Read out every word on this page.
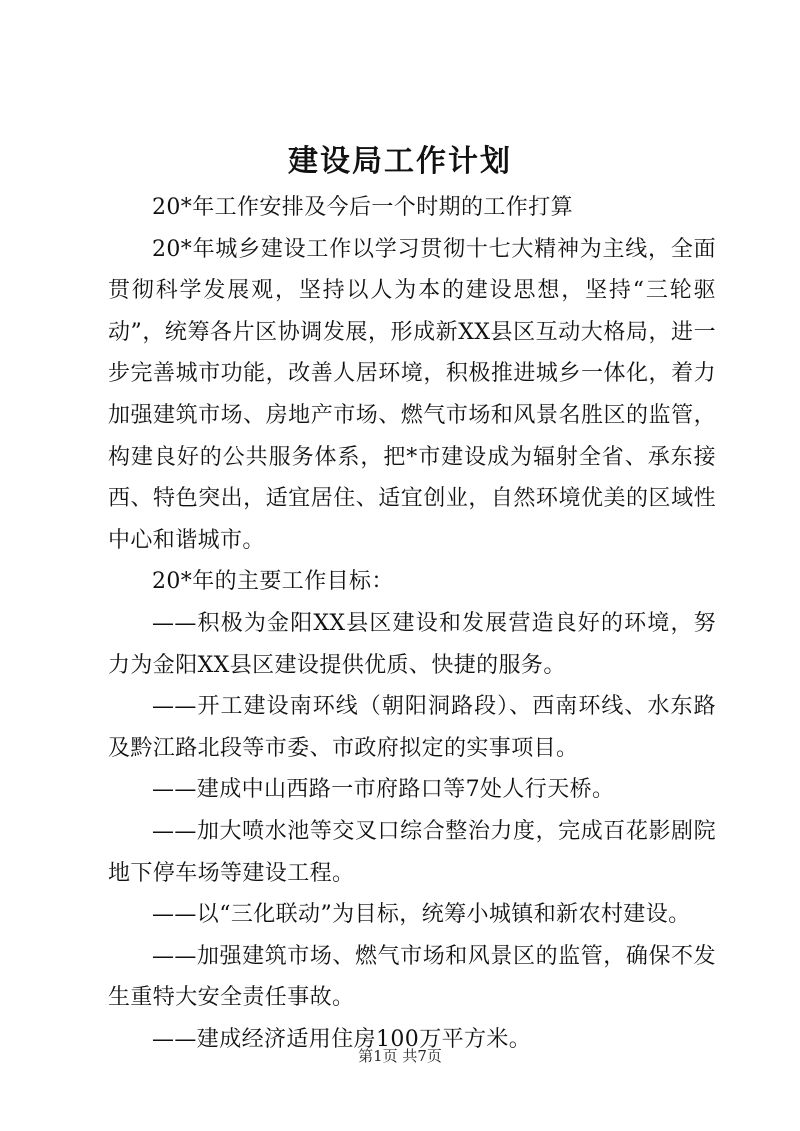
建设局工作计划

20*年工作安排及今后一个时期的工作打算

20*年城乡建设工作以学习贯彻十七大精神为主线，全面贯彻科学发展观，坚持以人为本的建设思想，坚持“三轮驱动”，统筹各片区协调发展，形成新XX县区互动大格局，进一步完善城市功能，改善人居环境，积极推进城乡一体化，着力加强建筑市场、房地产市场、燃气市场和风景名胜区的监管，构建良好的公共服务体系，把*市建设成为辐射全省、承东接西、特色突出，适宜居住、适宜创业，自然环境优美的区域性中心和谐城市。

20*年的主要工作目标：

——积极为金阳XX县区建设和发展营造良好的环境，努力为金阳XX县区建设提供优质、快捷的服务。

——开工建设南环线（朝阳洞路段）、西南环线、水东路及黔江路北段等市委、市政府拟定的实事项目。

——建成中山西路一市府路口等7处人行天桥。

——加大喷水池等交叉口综合整治力度，完成百花影剧院地下停车场等建设工程。

——以“三化联动”为目标，统筹小城镇和新农村建设。

——加强建筑市场、燃气市场和风景区的监管，确保不发生重特大安全责任事故。

——建成经济适用住房100万平方米。

第1页 共7页
